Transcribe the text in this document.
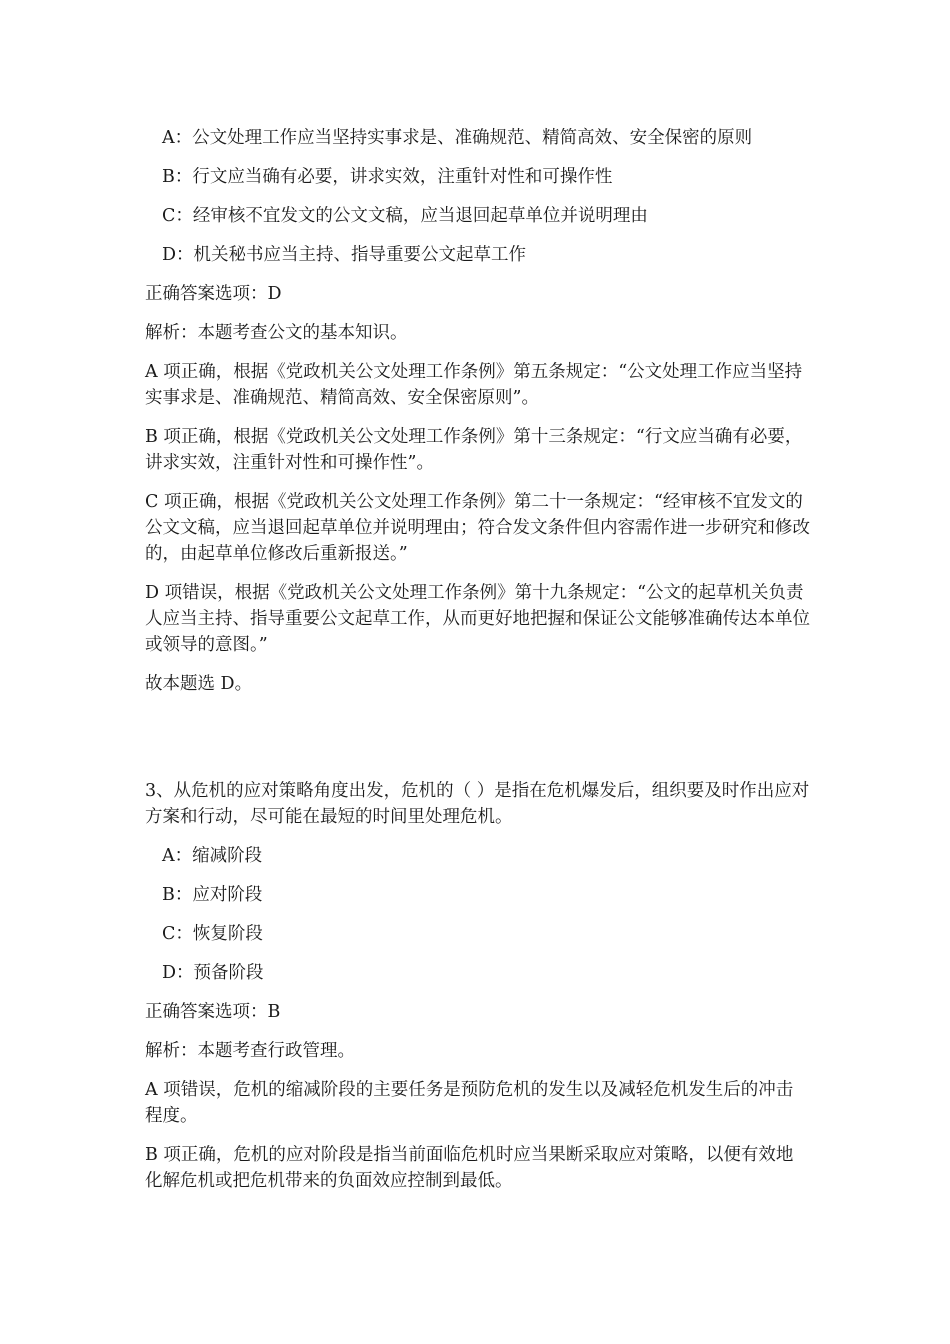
A：公文处理工作应当坚持实事求是、准确规范、精简高效、安全保密的原则
B：行文应当确有必要，讲求实效，注重针对性和可操作性
C：经审核不宜发文的公文文稿，应当退回起草单位并说明理由
D：机关秘书应当主持、指导重要公文起草工作
正确答案选项：D
解析：本题考查公文的基本知识。
A 项正确，根据《党政机关公文处理工作条例》第五条规定：“公文处理工作应当坚持实事求是、准确规范、精简高效、安全保密原则”。
B 项正确，根据《党政机关公文处理工作条例》第十三条规定：“行文应当确有必要，讲求实效，注重针对性和可操作性”。
C 项正确，根据《党政机关公文处理工作条例》第二十一条规定：“经审核不宜发文的公文文稿，应当退回起草单位并说明理由；符合发文条件但内容需作进一步研究和修改的，由起草单位修改后重新报送。”
D 项错误，根据《党政机关公文处理工作条例》第十九条规定：“公文的起草机关负责人应当主持、指导重要公文起草工作，从而更好地把握和保证公文能够准确传达本单位或领导的意图。”
故本题选 D。
3、从危机的应对策略角度出发，危机的（ ）是指在危机爆发后，组织要及时作出应对方案和行动，尽可能在最短的时间里处理危机。
A：缩减阶段
B：应对阶段
C：恢复阶段
D：预备阶段
正确答案选项：B
解析：本题考查行政管理。
A 项错误，危机的缩减阶段的主要任务是预防危机的发生以及减轻危机发生后的冲击程度。
B 项正确，危机的应对阶段是指当前面临危机时应当果断采取应对策略，以便有效地化解危机或把危机带来的负面效应控制到最低。
